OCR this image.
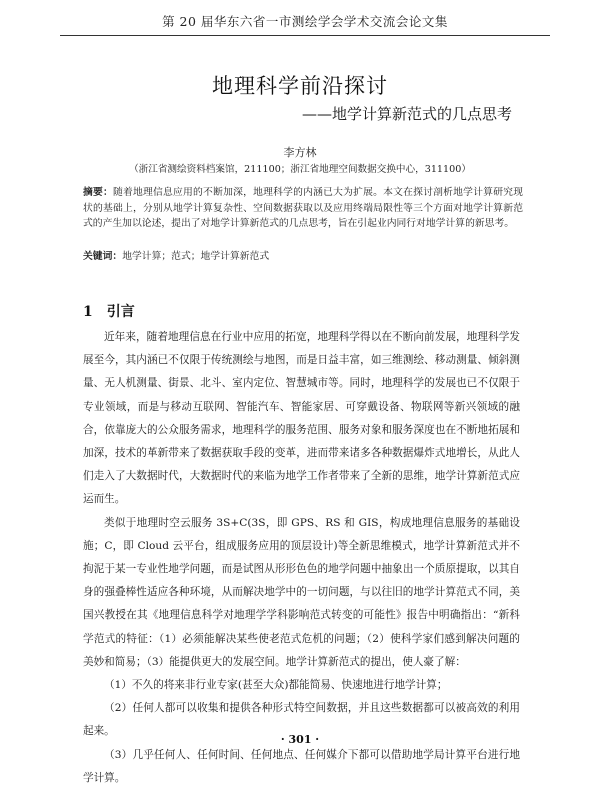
第 20 届华东六省一市测绘学会学术交流会论文集
地理科学前沿探讨
——地学计算新范式的几点思考
李方林
（浙江省测绘资料档案馆，211100；浙江省地理空间数据交换中心，311100）
摘要：随着地理信息应用的不断加深，地理科学的内涵已大为扩展。本文在探讨剖析地学计算研究现状的基础上，分别从地学计算复杂性、空间数据获取以及应用终端局限性等三个方面对地学计算新范式的产生加以论述，提出了对地学计算新范式的几点思考，旨在引起业内同行对地学计算的新思考。
关键词：地学计算；范式；地学计算新范式
1 引言

近年来，随着地理信息在行业中应用的拓宽，地理科学得以在不断向前发展，地理科学发展至今，其内涵已不仅限于传统测绘与地图，而是日益丰富，如三维测绘、移动测量、倾斜测量、无人机测量、街景、北斗、室内定位、智慧城市等。同时，地理科学的发展也已不仅限于专业领域，而是与移动互联网、智能汽车、智能家居、可穿戴设备、物联网等新兴领域的融合，依靠庞大的公众服务需求，地理科学的服务范围、服务对象和服务深度也在不断地拓展和加深，技术的革新带来了数据获取手段的变革，进而带来诸多各种数据爆炸式地增长，从此人们走入了大数据时代，大数据时代的来临为地学工作者带来了全新的思维，地学计算新范式应运而生。

类似于地理时空云服务 3S+C(3S，即 GPS、RS 和 GIS，构成地理信息服务的基础设施；C，即 Cloud 云平台，组成服务应用的顶层设计)等全新思维模式，地学计算新范式并不拘泥于某一专业性地学问题，而是试图从形形色色的地学问题中抽象出一个质原提取，以其自身的强叠棒性适应各种环境，从而解决地学中的一切问题，与以往旧的地学计算范式不同，美国兴教授在其《地理信息科学对地理学学科影响范式转变的可能性》报告中明确指出：“新科学范式的特征：（1）必须能解决某些使老范式危机的问题；（2）使科学家们感到解决问题的美妙和简易；（3）能提供更大的发展空间。地学计算新范式的提出，使人豪了解：

（1）不久的将来非行业专家(甚至大众)都能简易、快速地进行地学计算；

（2）任何人都可以收集和提供各种形式特空间数据，并且这些数据都可以被高效的利用起来。

（3）几乎任何人、任何时间、任何地点、任何媒介下都可以借助地学局计算平台进行地学计算。

· 301 ·
